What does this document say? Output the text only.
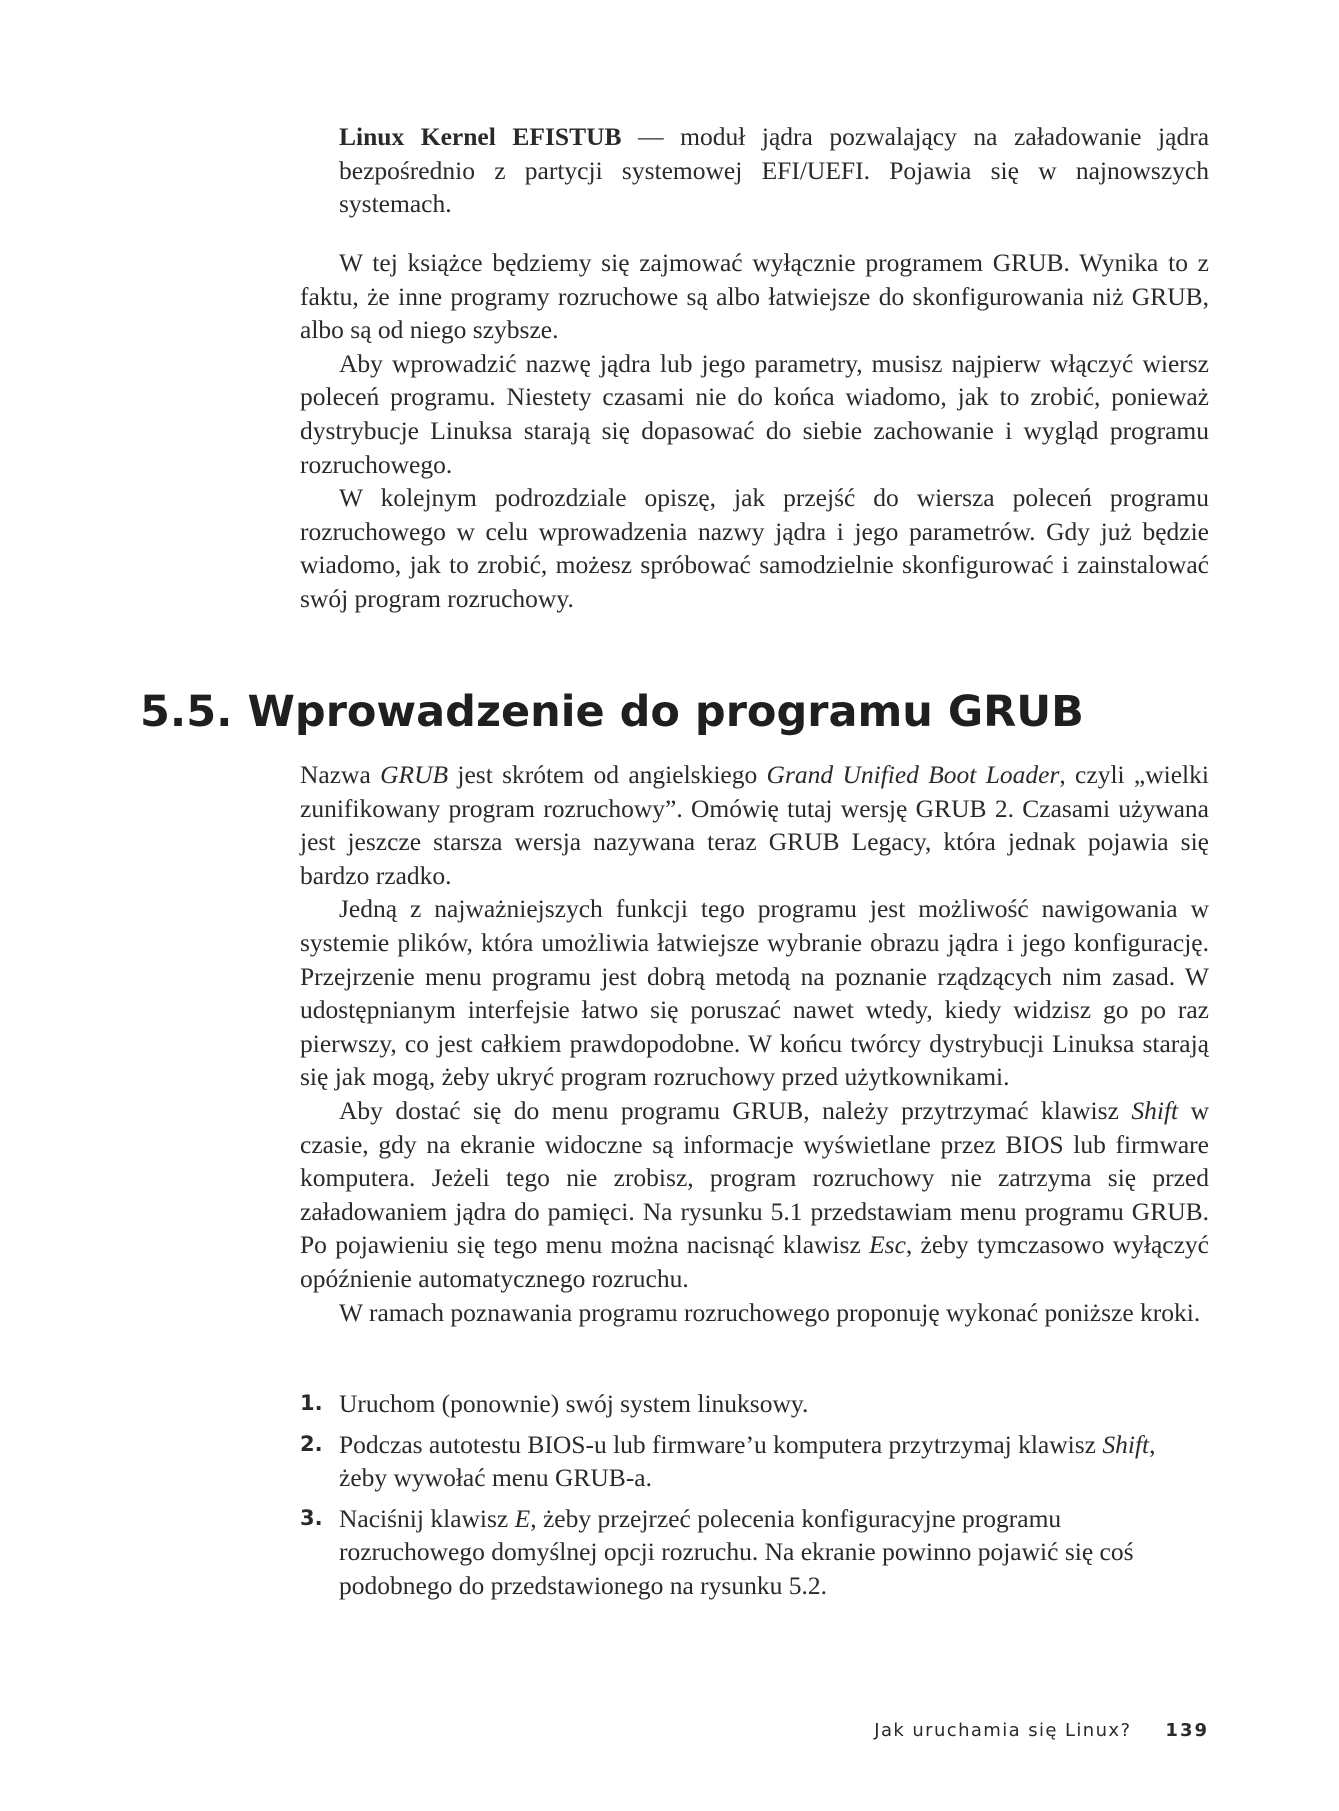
Linux Kernel EFISTUB — moduł jądra pozwalający na załadowanie jądra bezpośrednio z partycji systemowej EFI/UEFI. Pojawia się w najnowszych systemach.

W tej książce będziemy się zajmować wyłącznie programem GRUB. Wynika to z faktu, że inne programy rozruchowe są albo łatwiejsze do skonfigurowania niż GRUB, albo są od niego szybsze.

Aby wprowadzić nazwę jądra lub jego parametry, musisz najpierw włączyć wiersz poleceń programu. Niestety czasami nie do końca wiadomo, jak to zrobić, ponieważ dystrybucje Linuksa starają się dopasować do siebie zachowanie i wygląd programu rozruchowego.

W kolejnym podrozdziale opiszę, jak przejść do wiersza poleceń programu rozruchowego w celu wprowadzenia nazwy jądra i jego parametrów. Gdy już będzie wiadomo, jak to zrobić, możesz spróbować samodzielnie skonfigurować i zainstalować swój program rozruchowy.

5.5. Wprowadzenie do programu GRUB

Nazwa GRUB jest skrótem od angielskiego Grand Unified Boot Loader, czyli „wielki zunifikowany program rozruchowy”. Omówię tutaj wersję GRUB 2. Czasami używana jest jeszcze starsza wersja nazywana teraz GRUB Legacy, która jednak pojawia się bardzo rzadko.

Jedną z najważniejszych funkcji tego programu jest możliwość nawigowania w systemie plików, która umożliwia łatwiejsze wybranie obrazu jądra i jego konfigurację. Przejrzenie menu programu jest dobrą metodą na poznanie rządzących nim zasad. W udostępnianym interfejsie łatwo się poruszać nawet wtedy, kiedy widzisz go po raz pierwszy, co jest całkiem prawdopodobne. W końcu twórcy dystrybucji Linuksa starają się jak mogą, żeby ukryć program rozruchowy przed użytkownikami.

Aby dostać się do menu programu GRUB, należy przytrzymać klawisz Shift w czasie, gdy na ekranie widoczne są informacje wyświetlane przez BIOS lub firmware komputera. Jeżeli tego nie zrobisz, program rozruchowy nie zatrzyma się przed załadowaniem jądra do pamięci. Na rysunku 5.1 przedstawiam menu programu GRUB. Po pojawieniu się tego menu można nacisnąć klawisz Esc, żeby tymczasowo wyłączyć opóźnienie automatycznego rozruchu.

W ramach poznawania programu rozruchowego proponuję wykonać poniższe kroki.

1. Uruchom (ponownie) swój system linuksowy.
2. Podczas autotestu BIOS-u lub firmware’u komputera przytrzymaj klawisz Shift, żeby wywołać menu GRUB-a.
3. Naciśnij klawisz E, żeby przejrzeć polecenia konfiguracyjne programu rozruchowego domyślnej opcji rozruchu. Na ekranie powinno pojawić się coś podobnego do przedstawionego na rysunku 5.2.
Jak uruchamia się Linux? 139
